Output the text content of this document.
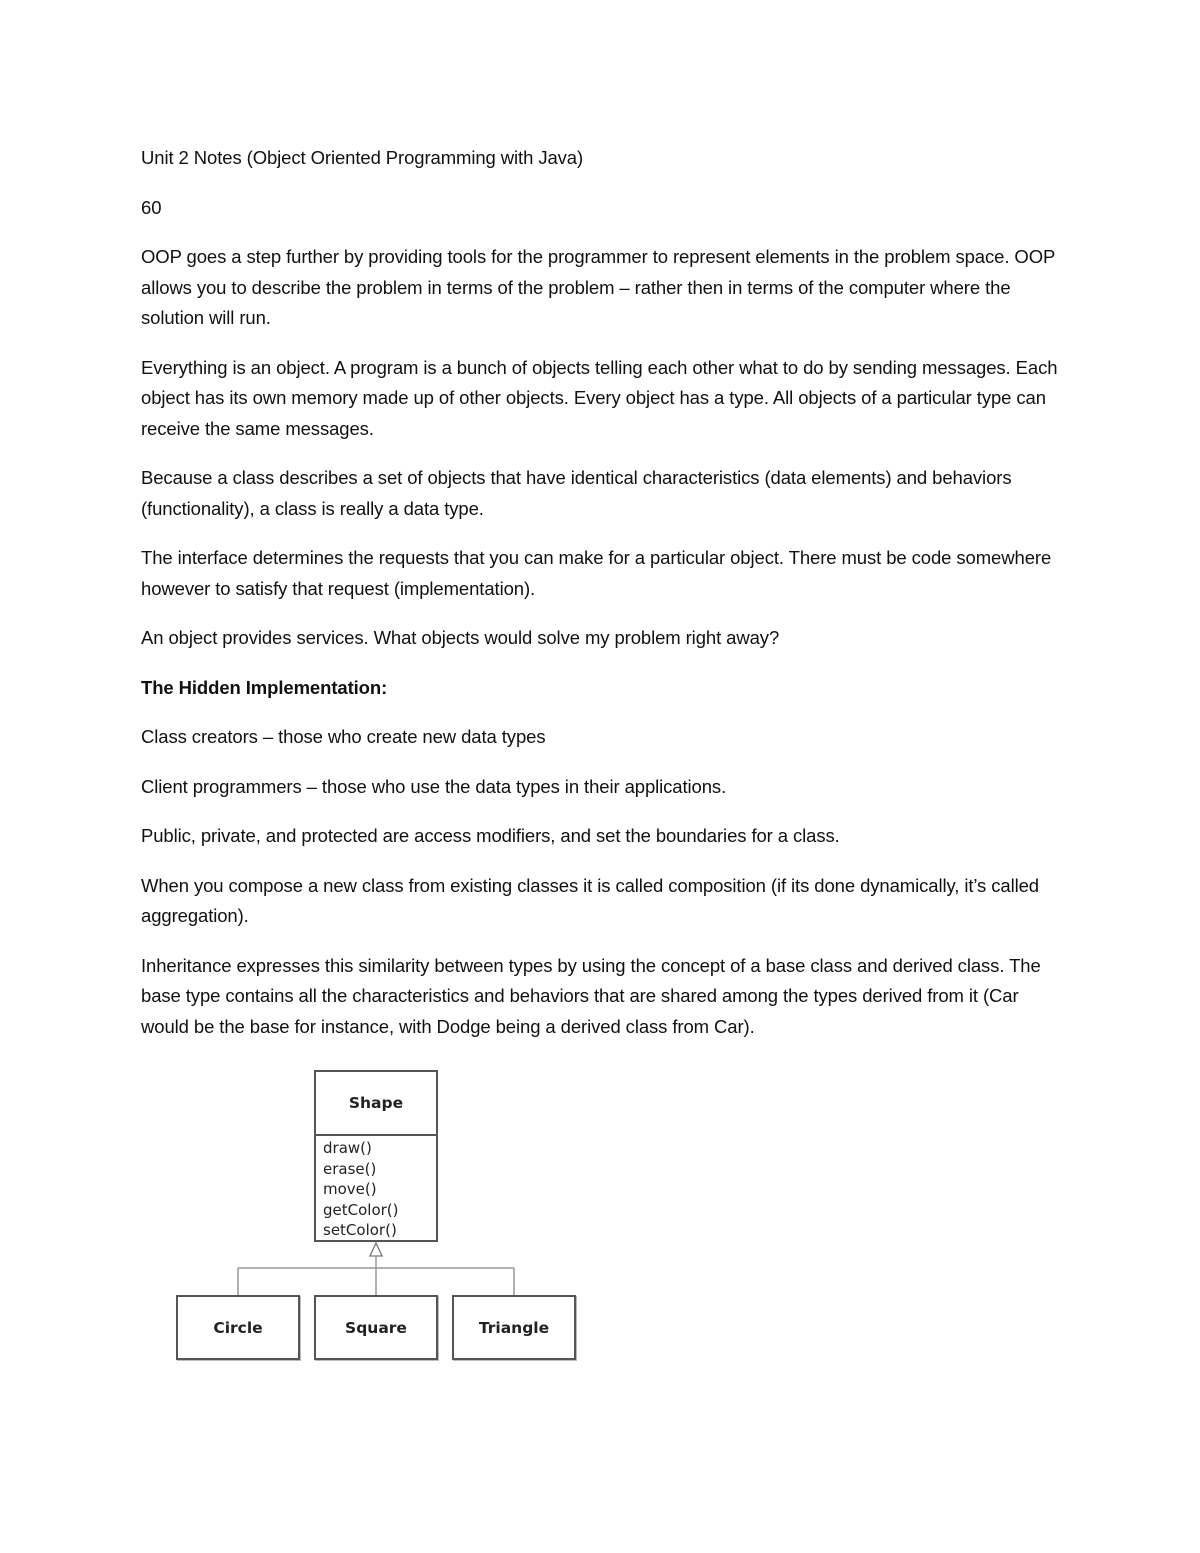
Unit 2 Notes (Object Oriented Programming with Java)

60

OOP goes a step further by providing tools for the programmer to represent elements in the problem space. OOP allows you to describe the problem in terms of the problem – rather then in terms of the computer where the solution will run.

Everything is an object. A program is a bunch of objects telling each other what to do by sending messages. Each object has its own memory made up of other objects. Every object has a type. All objects of a particular type can receive the same messages.

Because a class describes a set of objects that have identical characteristics (data elements) and behaviors (functionality), a class is really a data type.

The interface determines the requests that you can make for a particular object. There must be code somewhere however to satisfy that request (implementation).

An object provides services. What objects would solve my problem right away?

The Hidden Implementation:

Class creators – those who create new data types

Client programmers – those who use the data types in their applications.

Public, private, and protected are access modifiers, and set the boundaries for a class.

When you compose a new class from existing classes it is called composition (if its done dynamically, it’s called aggregation).

Inheritance expresses this similarity between types by using the concept of a base class and derived class. The base type contains all the characteristics and behaviors that are shared among the types derived from it (Car would be the base for instance, with Dodge being a derived class from Car).

Shape
draw()
erase()
move()
getColor()
setColor()
Circle	Square	Triangle
